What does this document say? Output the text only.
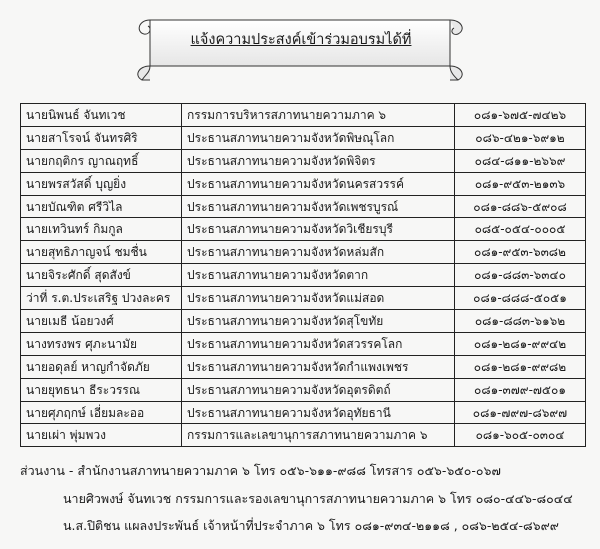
แจ้งความประสงค์เข้าร่วมอบรมได้ที่
นายนิพนธ์ จันทเวช	กรรมการบริหารสภาทนายความภาค ๖	๐๘๑-๖๗๕-๗๔๒๖
นายสาโรจน์ จันทรศิริ	ประธานสภาทนายความจังหวัดพิษณุโลก	๐๘๖-๔๒๑-๖๙๑๒
นายกฤติกร ญาณฤทธิ์	ประธานสภาทนายความจังหวัดพิจิตร	๐๘๔-๘๑๑-๒๖๖๙
นายพรสวัสดิ์ บุญยิ่ง	ประธานสภาทนายความจังหวัดนครสวรรค์	๐๘๑-๙๕๓-๒๑๓๖
นายบัณฑิต ศรีวิไล	ประธานสภาทนายความจังหวัดเพชรบูรณ์	๐๘๑-๘๘๖-๕๙๐๘
นายเทวินทร์ กิมกูล	ประธานสภาทนายความจังหวัดวิเชียรบุรี	๐๘๕-๐๕๔-๐๐๐๕
นายสุทธิภาญจน์ ชมชื่น	ประธานสภาทนายความจังหวัดหล่มสัก	๐๘๑-๙๕๓-๖๓๘๒
นายจิระศักดิ์ สุดสังข์	ประธานสภาทนายความจังหวัดตาก	๐๘๑-๘๘๓-๖๓๔๐
ว่าที่ ร.ต.ประเสริฐ ปวงละคร	ประธานสภาทนายความจังหวัดแม่สอด	๐๘๑-๘๘๘-๕๐๕๑
นายเมธี น้อยวงศ์	ประธานสภาทนายความจังหวัดสุโขทัย	๐๘๑-๘๘๓-๖๑๖๒
นางทรงพร ศุภะนามัย	ประธานสภาทนายความจังหวัดสวรรคโลก	๐๘๑-๒๘๑-๙๙๔๒
นายอดุลย์ หาญกำจัดภัย	ประธานสภาทนายความจังหวัดกำแพงเพชร	๐๘๑-๒๘๑-๙๙๘๒
นายยุทธนา ธีระวรรณ	ประธานสภาทนายความจังหวัดอุตรดิตถ์	๐๘๑-๓๗๙-๗๕๐๑
นายศุภฤกษ์ เอี่ยมละออ	ประธานสภาทนายความจังหวัดอุทัยธานี	๐๘๑-๗๙๗-๘๖๙๗
นายเผ่า พุ่มพวง	กรรมการและเลขานุการสภาทนายความภาค ๖	๐๘๑-๖๐๕-๐๓๐๔
ส่วนงาน - สำนักงานสภาทนายความภาค ๖ โทร ๐๕๖-๖๑๑-๙๘๘ โทรสาร ๐๕๖-๖๕๐-๐๖๗
นายศิวพงษ์ จันทเวช กรรมการและรองเลขานุการสภาทนายความภาค ๖ โทร ๐๘๐-๔๔๖-๘๐๔๔
น.ส.ปิติชน แผลงประพันธ์ เจ้าหน้าที่ประจำภาค ๖ โทร ๐๘๑-๙๓๔-๒๑๑๘ , ๐๘๖-๒๕๔-๘๖๙๙
